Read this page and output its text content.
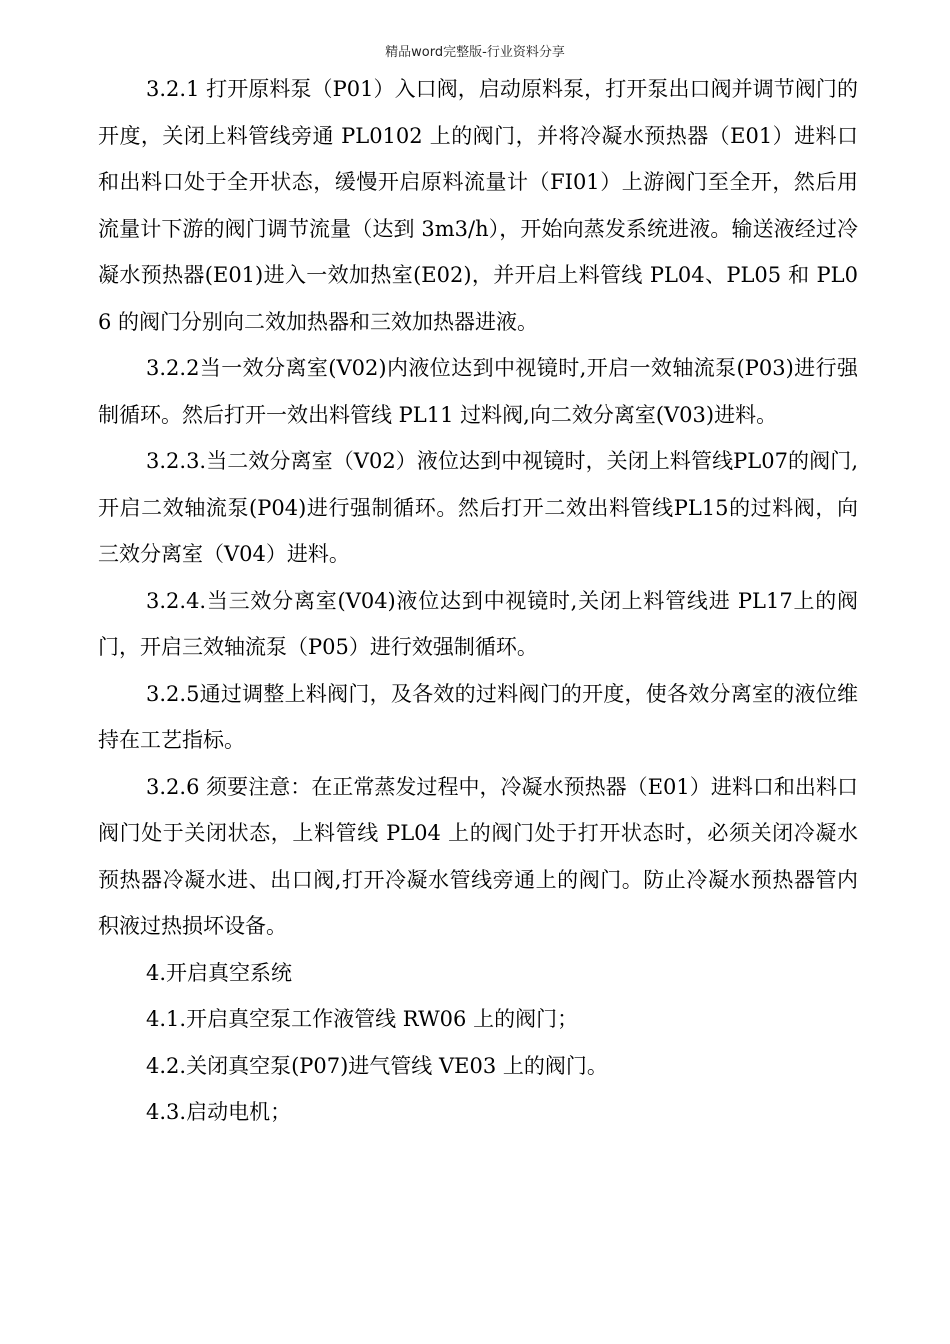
精品word完整版-行业资料分享

3.2.1 打开原料泵（P01）入口阀，启动原料泵，打开泵出口阀并调节阀门的开度，关闭上料管线旁通 PL0102 上的阀门，并将冷凝水预热器（E01）进料口和出料口处于全开状态，缓慢开启原料流量计（FI01）上游阀门至全开，然后用流量计下游的阀门调节流量（达到 3m3/h），开始向蒸发系统进液。输送液经过冷凝水预热器(E01)进入一效加热室(E02)，并开启上料管线 PL04、PL05 和 PL06 的阀门分别向二效加热器和三效加热器进液。

3.2.2当一效分离室(V02)内液位达到中视镜时,开启一效轴流泵(P03)进行强制循环。然后打开一效出料管线 PL11 过料阀,向二效分离室(V03)进料。

3.2.3.当二效分离室（V02）液位达到中视镜时，关闭上料管线PL07的阀门,开启二效轴流泵(P04)进行强制循环。然后打开二效出料管线PL15的过料阀，向三效分离室（V04）进料。

3.2.4.当三效分离室(V04)液位达到中视镜时,关闭上料管线进 PL17上的阀门，开启三效轴流泵（P05）进行效强制循环。

3.2.5通过调整上料阀门，及各效的过料阀门的开度，使各效分离室的液位维持在工艺指标。

3.2.6 须要注意：在正常蒸发过程中，冷凝水预热器（E01）进料口和出料口阀门处于关闭状态，上料管线 PL04 上的阀门处于打开状态时，必须关闭冷凝水预热器冷凝水进、出口阀,打开冷凝水管线旁通上的阀门。防止冷凝水预热器管内积液过热损坏设备。

4.开启真空系统

4.1.开启真空泵工作液管线 RW06 上的阀门；

4.2.关闭真空泵(P07)进气管线 VE03 上的阀门。

4.3.启动电机；
